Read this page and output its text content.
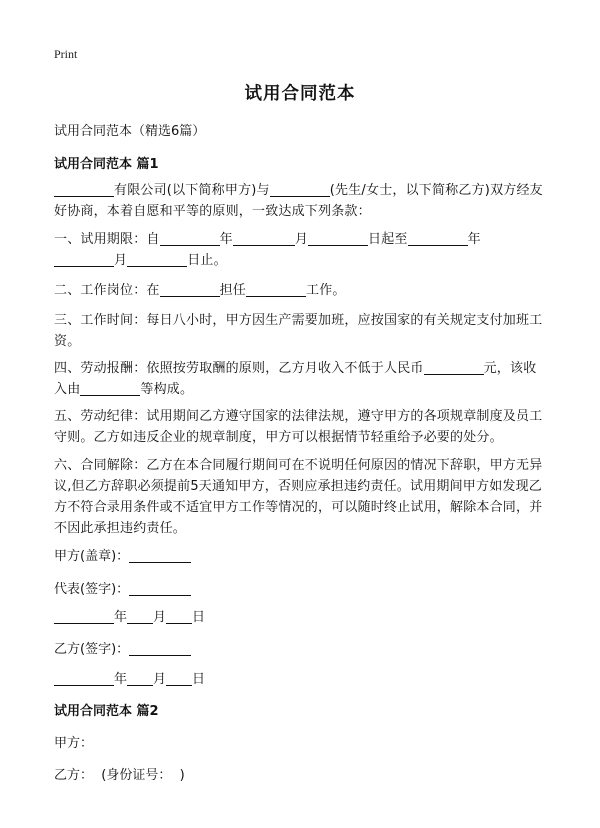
Print
试用合同范本
试用合同范本（精选6篇）
试用合同范本 篇1
有限公司(以下简称甲方)与	(先生/女士，以下简称乙方)双方经友好协商，本着自愿和平等的原则，一致达成下列条款：
一、试用期限：自	年	月	日起至	年
月	日止。
二、工作岗位：在	担任	工作。
三、工作时间：每日八小时，甲方因生产需要加班，应按国家的有关规定支付加班工资。
四、劳动报酬：依照按劳取酬的原则，乙方月收入不低于人民币	元，该收入由	等构成。
五、劳动纪律：试用期间乙方遵守国家的法律法规，遵守甲方的各项规章制度及员工守则。乙方如违反企业的规章制度，甲方可以根据情节轻重给予必要的处分。
六、合同解除：乙方在本合同履行期间可在不说明任何原因的情况下辞职，甲方无异议,但乙方辞职必须提前5天通知甲方，否则应承担违约责任。试用期间甲方如发现乙方不符合录用条件或不适宜甲方工作等情况的，可以随时终止试用，解除本合同，并不因此承担违约责任。
甲方(盖章)：
代表(签字)：
年 月 日
乙方(签字)：
年 月 日
试用合同范本 篇2
甲方：
乙方：  (身份证号：  )
